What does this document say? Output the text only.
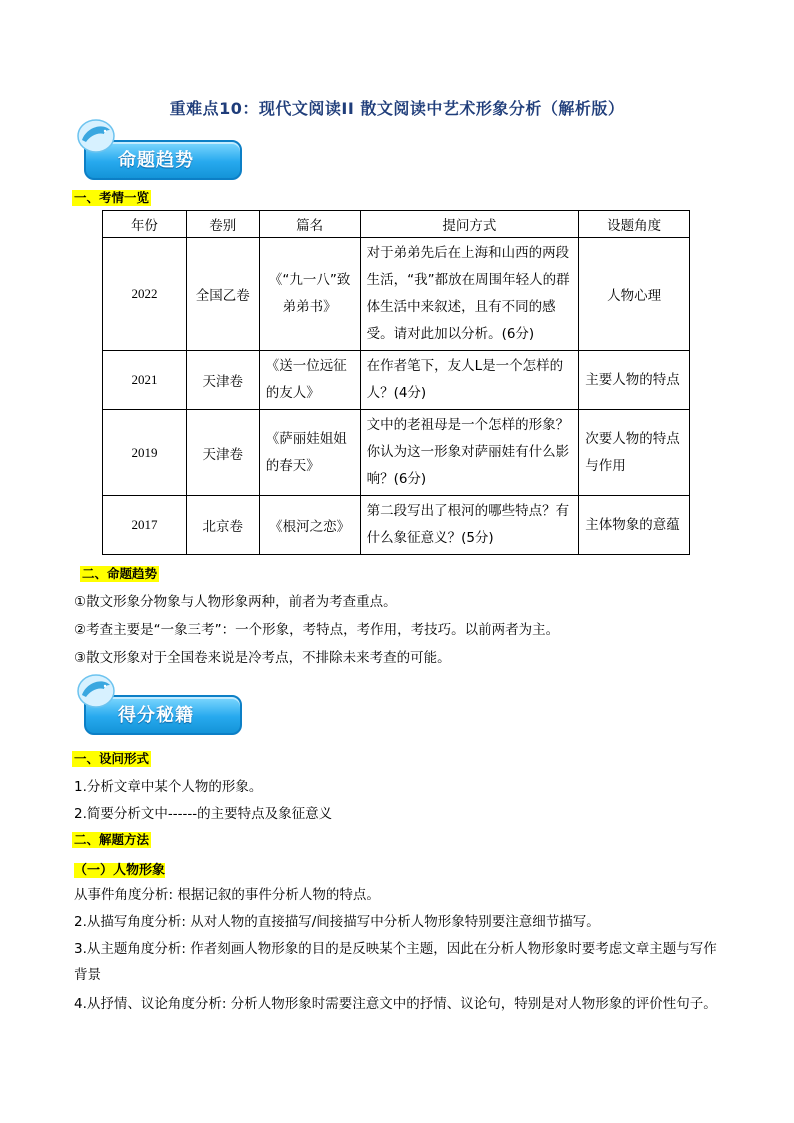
重难点10：现代文阅读II 散文阅读中艺术形象分析（解析版）
命题趋势
一、考情一览
年份	卷别	篇名	提问方式	设题角度
2022	全国乙卷	《“九一八”致弟弟书》	对于弟弟先后在上海和山西的两段生活，“我”都放在周围年轻人的群体生活中来叙述，且有不同的感受。请对此加以分析。(6分)	人物心理
2021	天津卷	《送一位远征的友人》	在作者笔下，友人L是一个怎样的人？(4分)	主要人物的特点
2019	天津卷	《萨丽娃姐姐的春天》	文中的老祖母是一个怎样的形象？你认为这一形象对萨丽娃有什么影响？(6分)	次要人物的特点与作用
2017	北京卷	《根河之恋》	第二段写出了根河的哪些特点？有什么象征意义？(5分)	主体物象的意蕴
二、命题趋势
①散文形象分物象与人物形象两种，前者为考查重点。
②考查主要是“一象三考”：一个形象，考特点，考作用，考技巧。以前两者为主。
③散文形象对于全国卷来说是冷考点，不排除未来考查的可能。
得分秘籍
一、设问形式
1.分析文章中某个人物的形象。
2.简要分析文中------的主要特点及象征意义
二、解题方法
（一）人物形象
从事件角度分析: 根据记叙的事件分析人物的特点。
2.从描写角度分析: 从对人物的直接描写/间接描写中分析人物形象特别要注意细节描写。
3.从主题角度分析: 作者刻画人物形象的目的是反映某个主题，因此在分析人物形象时要考虑文章主题与写作背景
4.从抒情、议论角度分析: 分析人物形象时需要注意文中的抒情、议论句，特别是对人物形象的评价性句子。
